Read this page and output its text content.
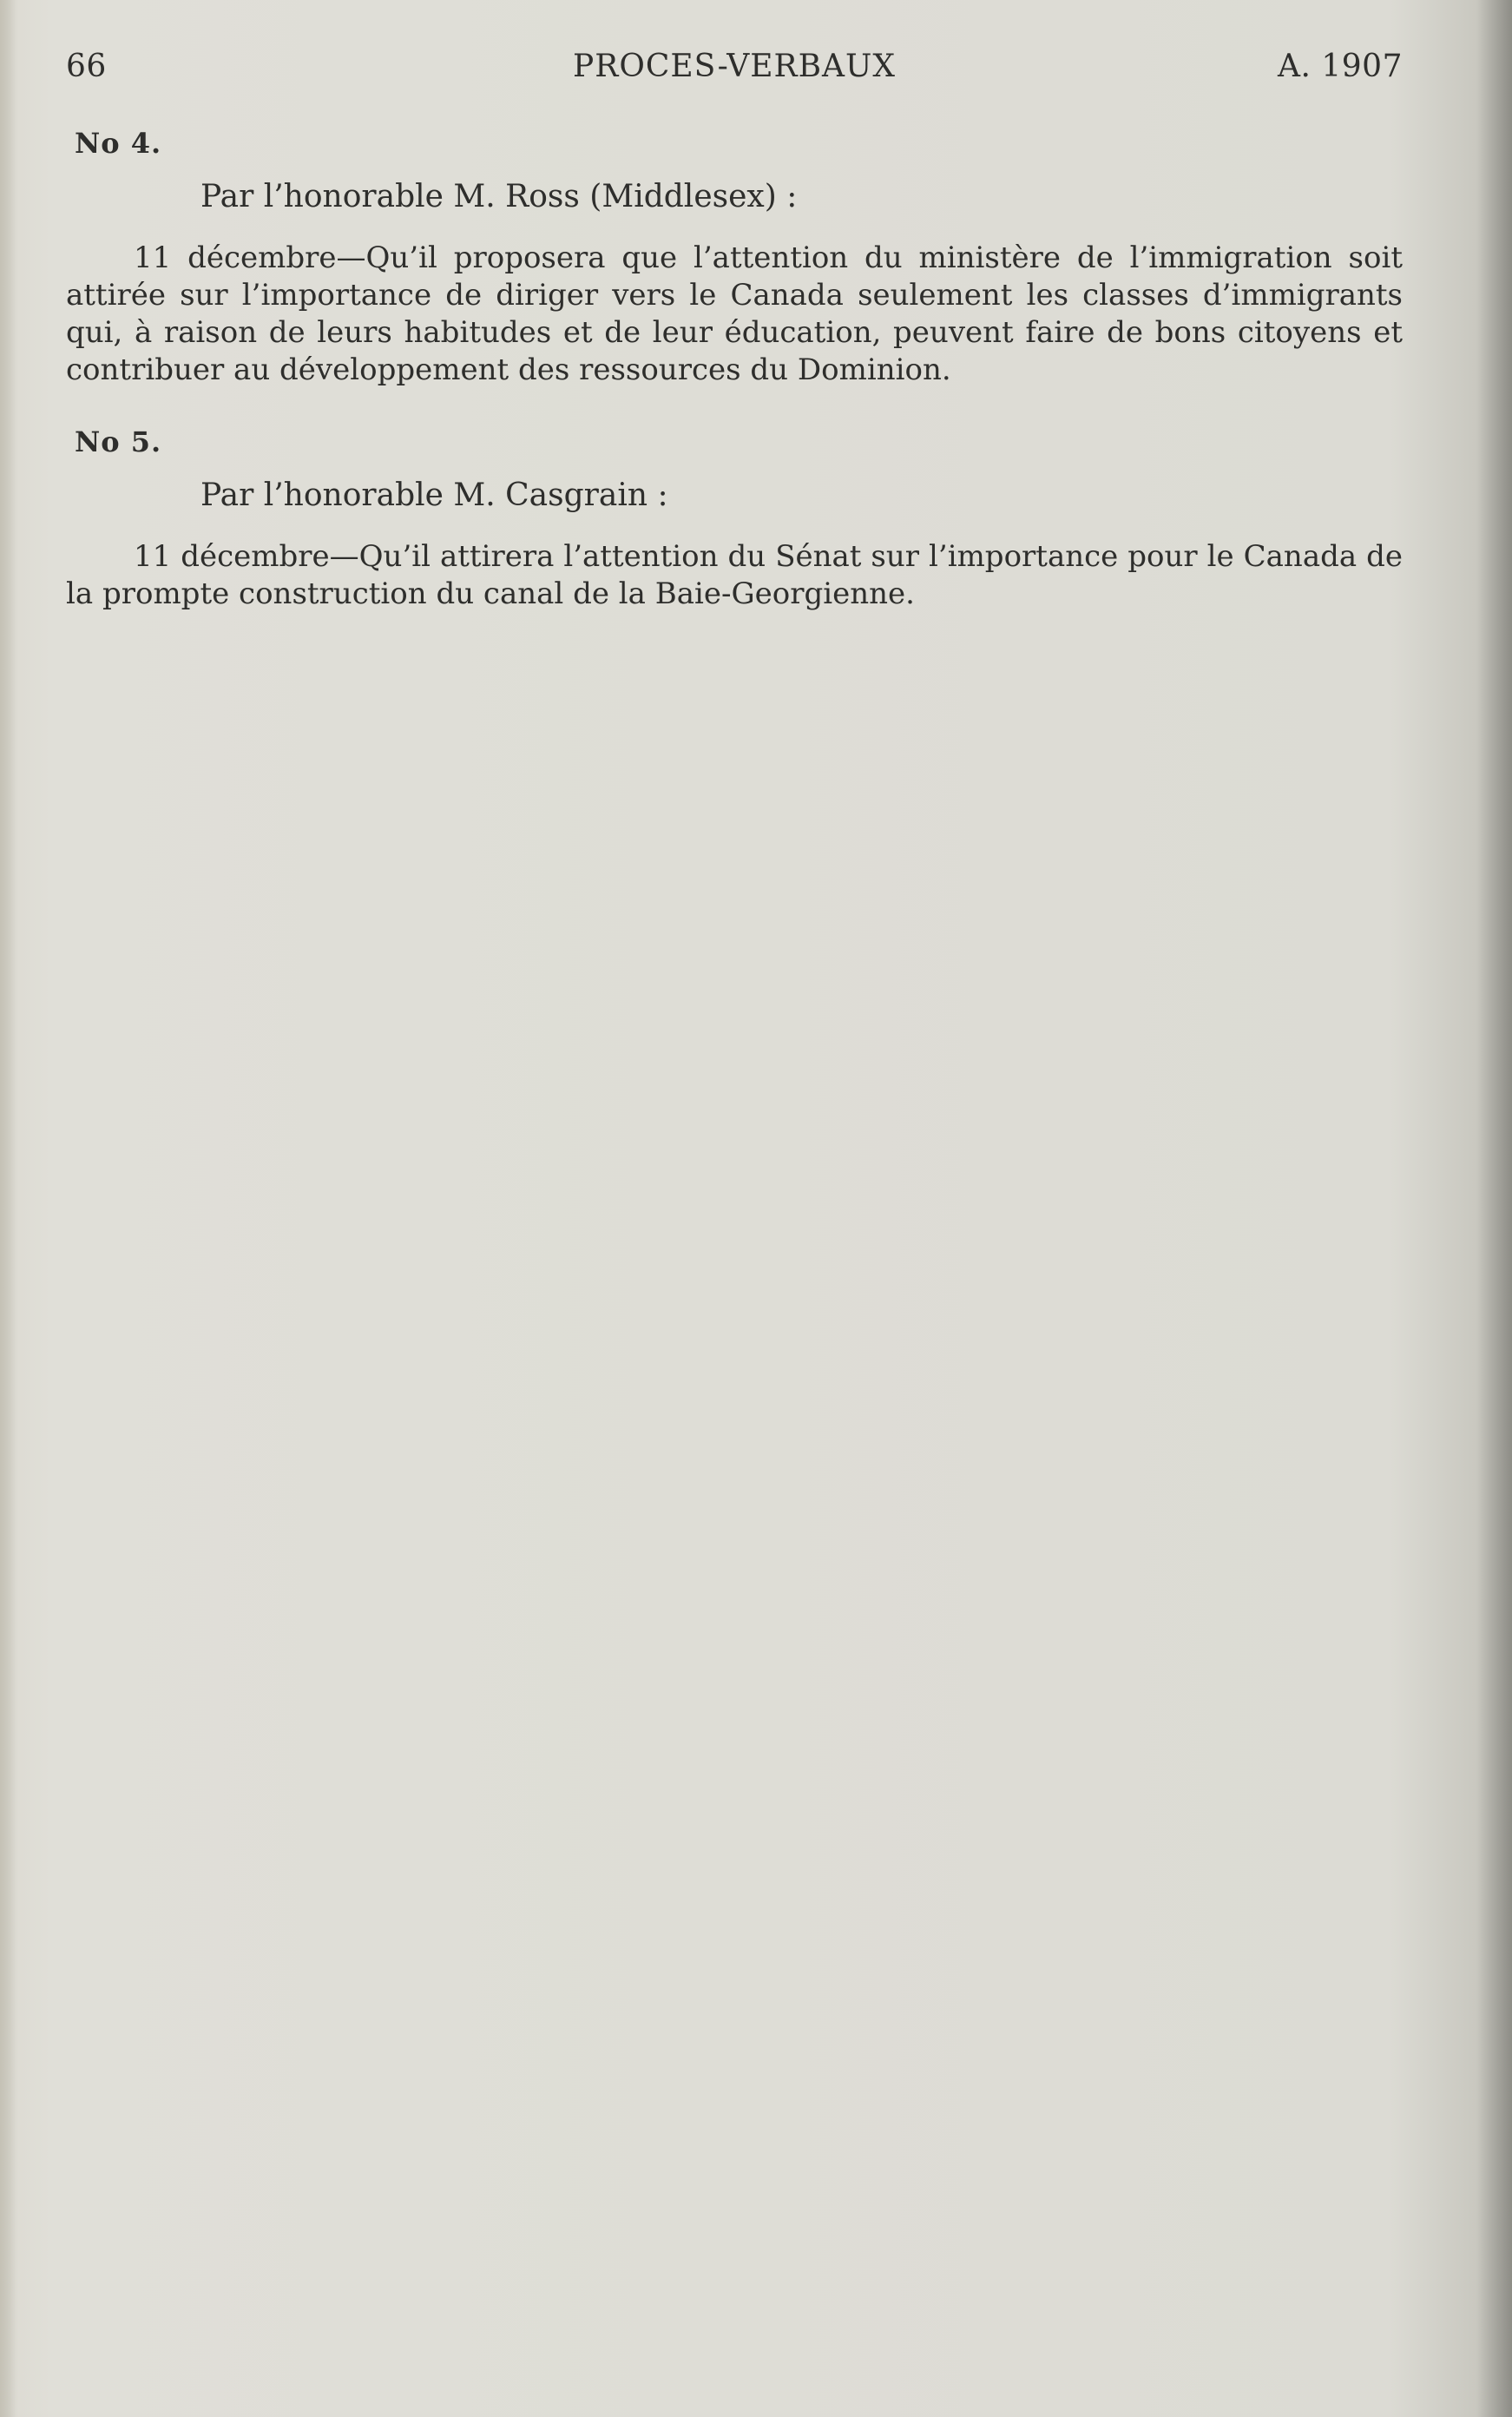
66	PROCES-VERBAUX	A. 1907
No 4.
Par l’honorable M. Ross (Middlesex) :
11 décembre—Qu’il proposera que l’attention du ministère de l’immigration soit attirée sur l’importance de diriger vers le Canada seulement les classes d’immigrants qui, à raison de leurs habitudes et de leur éducation, peuvent faire de bons citoyens et contribuer au développement des ressources du Dominion.
No 5.
Par l’honorable M. Casgrain :
11 décembre—Qu’il attirera l’attention du Sénat sur l’importance pour le Canada de la prompte construction du canal de la Baie-Georgienne.
